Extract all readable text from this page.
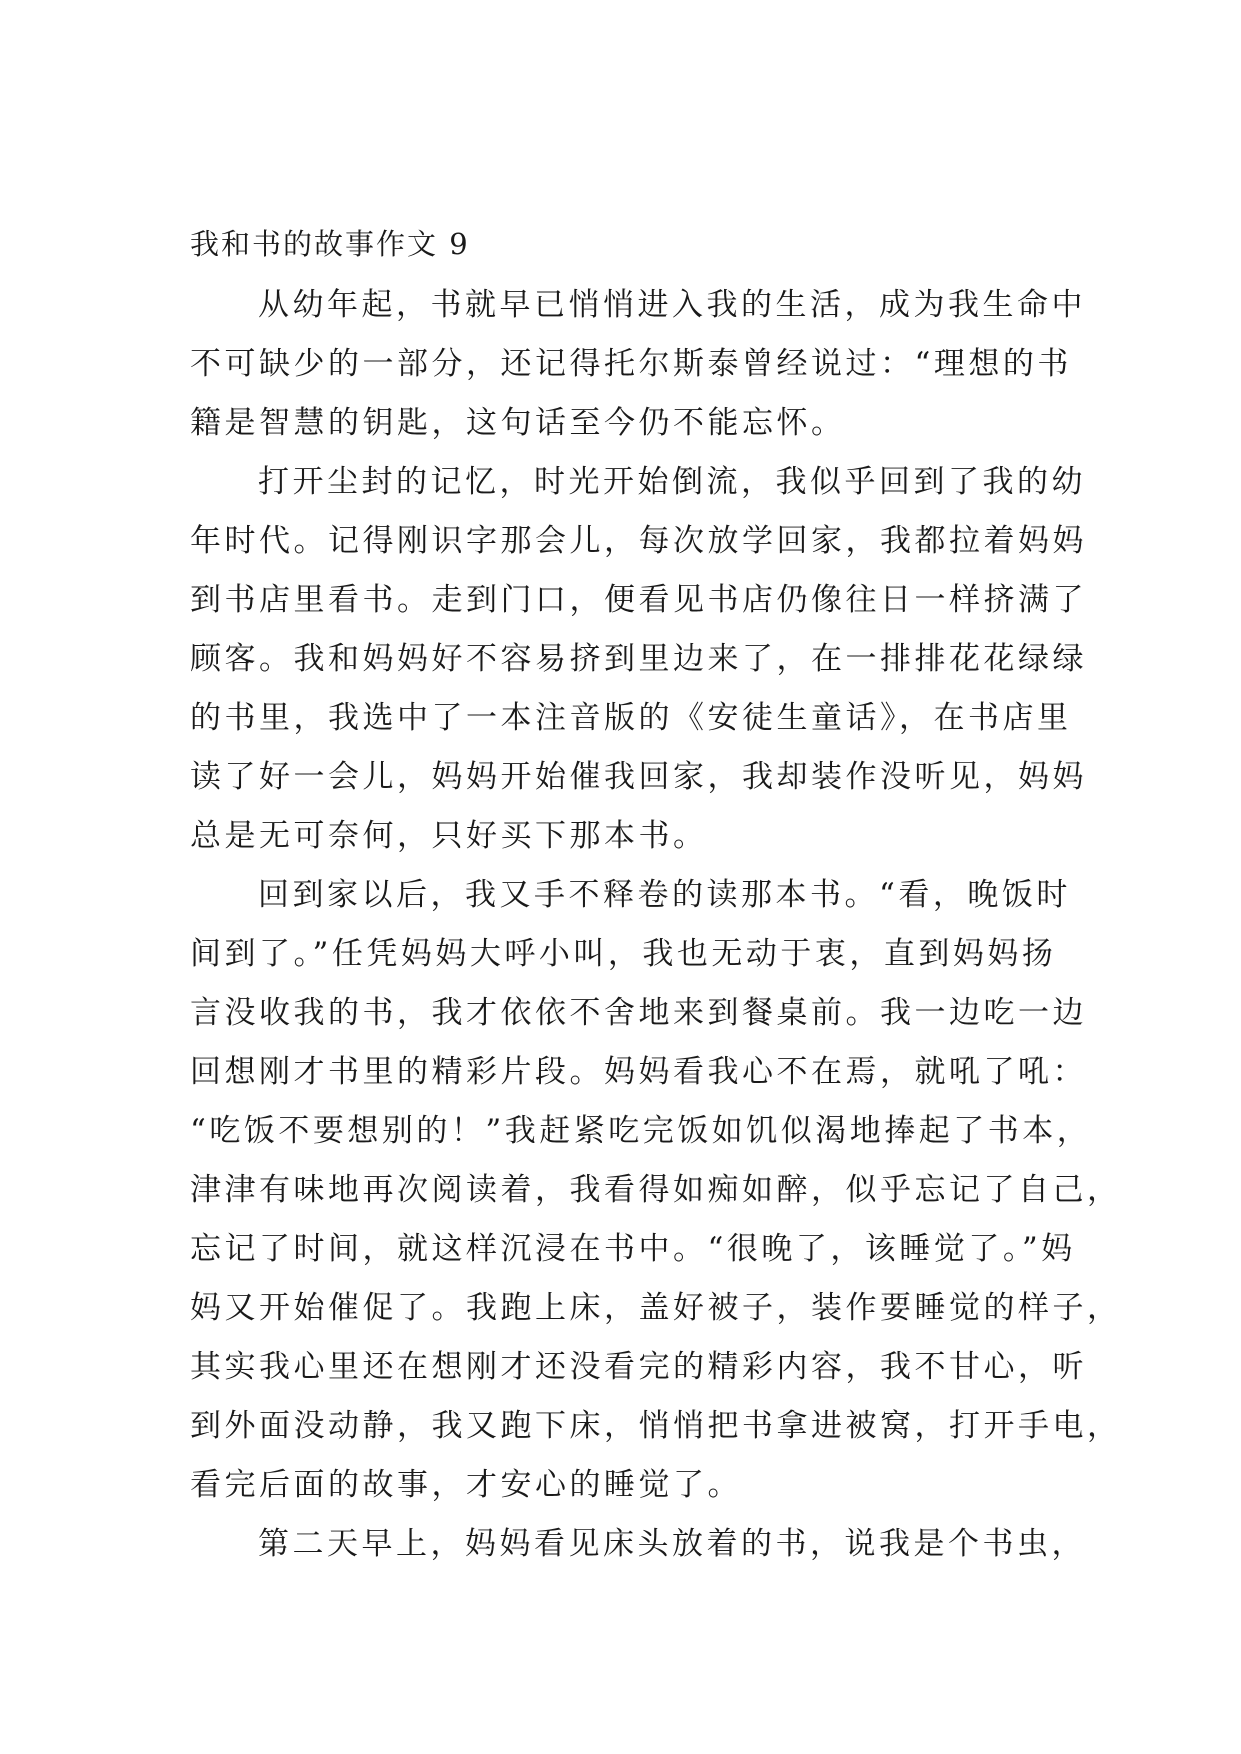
我和书的故事作文 9
从幼年起，书就早已悄悄进入我的生活，成为我生命中
不可缺少的一部分，还记得托尔斯泰曾经说过：“理想的书
籍是智慧的钥匙，这句话至今仍不能忘怀。
打开尘封的记忆，时光开始倒流，我似乎回到了我的幼
年时代。记得刚识字那会儿，每次放学回家，我都拉着妈妈
到书店里看书。走到门口，便看见书店仍像往日一样挤满了
顾客。我和妈妈好不容易挤到里边来了，在一排排花花绿绿
的书里，我选中了一本注音版的《安徒生童话》，在书店里
读了好一会儿，妈妈开始催我回家，我却装作没听见，妈妈
总是无可奈何，只好买下那本书。
回到家以后，我又手不释卷的读那本书。“看，晚饭时
间到了。”任凭妈妈大呼小叫，我也无动于衷，直到妈妈扬
言没收我的书，我才依依不舍地来到餐桌前。我一边吃一边
回想刚才书里的精彩片段。妈妈看我心不在焉，就吼了吼：
“吃饭不要想别的！”我赶紧吃完饭如饥似渴地捧起了书本，
津津有味地再次阅读着，我看得如痴如醉，似乎忘记了自己，
忘记了时间，就这样沉浸在书中。“很晚了，该睡觉了。”妈
妈又开始催促了。我跑上床，盖好被子，装作要睡觉的样子，
其实我心里还在想刚才还没看完的精彩内容，我不甘心，听
到外面没动静，我又跑下床，悄悄把书拿进被窝，打开手电，
看完后面的故事，才安心的睡觉了。
第二天早上，妈妈看见床头放着的书，说我是个书虫，
